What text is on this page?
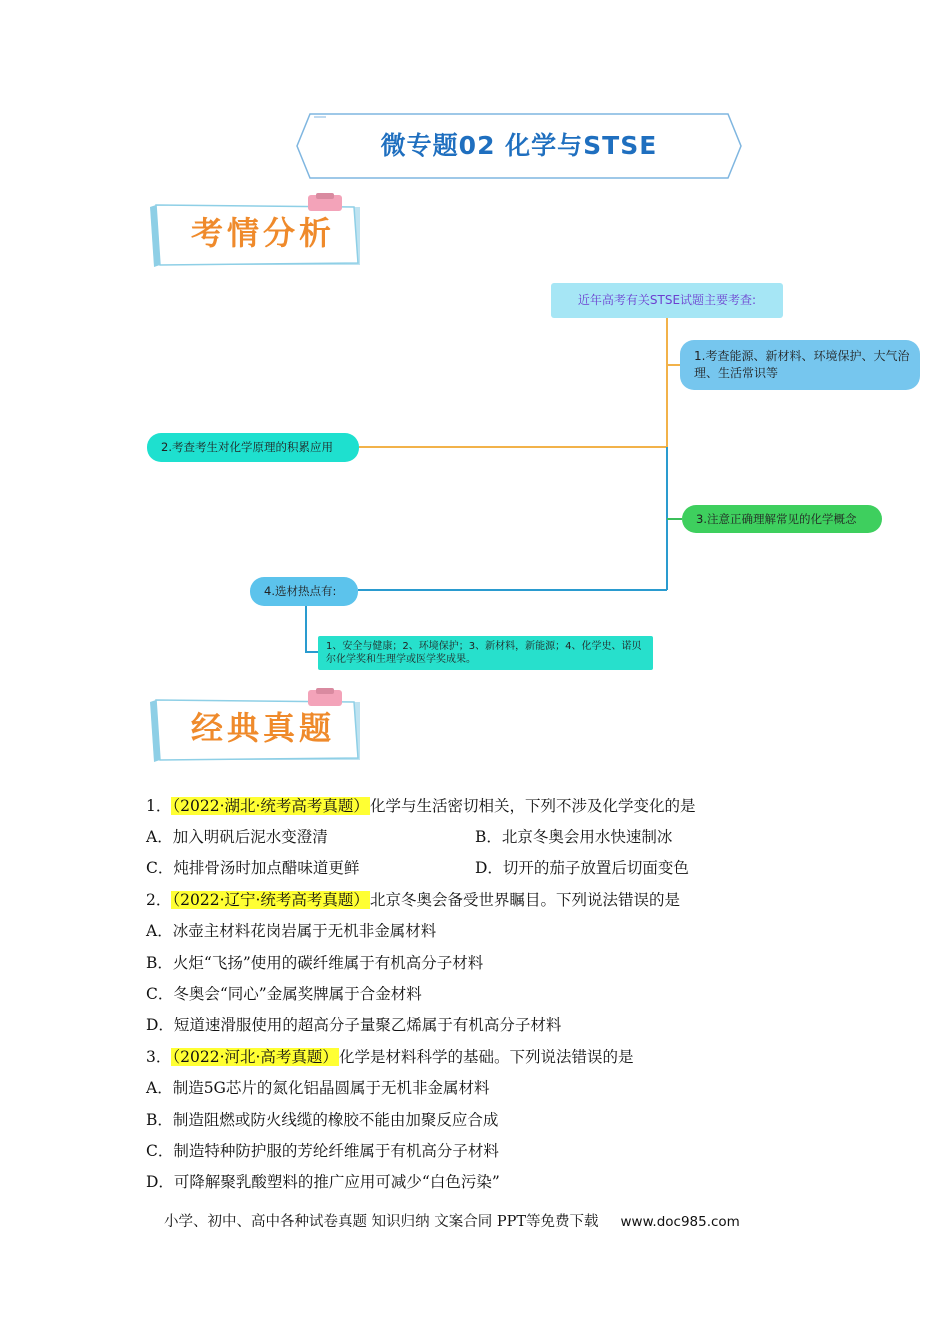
微专题02 化学与STSE
考情分析
近年高考有关STSE试题主要考查:
1.考查能源、新材料、环境保护、大气治理、生活常识等
2.考查考生对化学原理的积累应用
3.注意正确理解常见的化学概念
4.选材热点有:
1、安全与健康；2、环境保护；3、新材料，新能源；4、化学史、诺贝尔化学奖和生理学或医学奖成果。
经典真题
1．（2022·湖北·统考高考真题）化学与生活密切相关，下列不涉及化学变化的是
A．加入明矾后泥水变澄清	B．北京冬奥会用水快速制冰
C．炖排骨汤时加点醋味道更鲜	D．切开的茄子放置后切面变色
2．（2022·辽宁·统考高考真题）北京冬奥会备受世界瞩目。下列说法错误的是
A．冰壶主材料花岗岩属于无机非金属材料
B．火炬“飞扬”使用的碳纤维属于有机高分子材料
C．冬奥会“同心”金属奖牌属于合金材料
D．短道速滑服使用的超高分子量聚乙烯属于有机高分子材料
3．（2022·河北·高考真题）化学是材料科学的基础。下列说法错误的是
A．制造5G芯片的氮化铝晶圆属于无机非金属材料
B．制造阻燃或防火线缆的橡胶不能由加聚反应合成
C．制造特种防护服的芳纶纤维属于有机高分子材料
D．可降解聚乳酸塑料的推广应用可减少“白色污染”
小学、初中、高中各种试卷真题 知识归纳 文案合同 PPT等免费下载 www.doc985.com
